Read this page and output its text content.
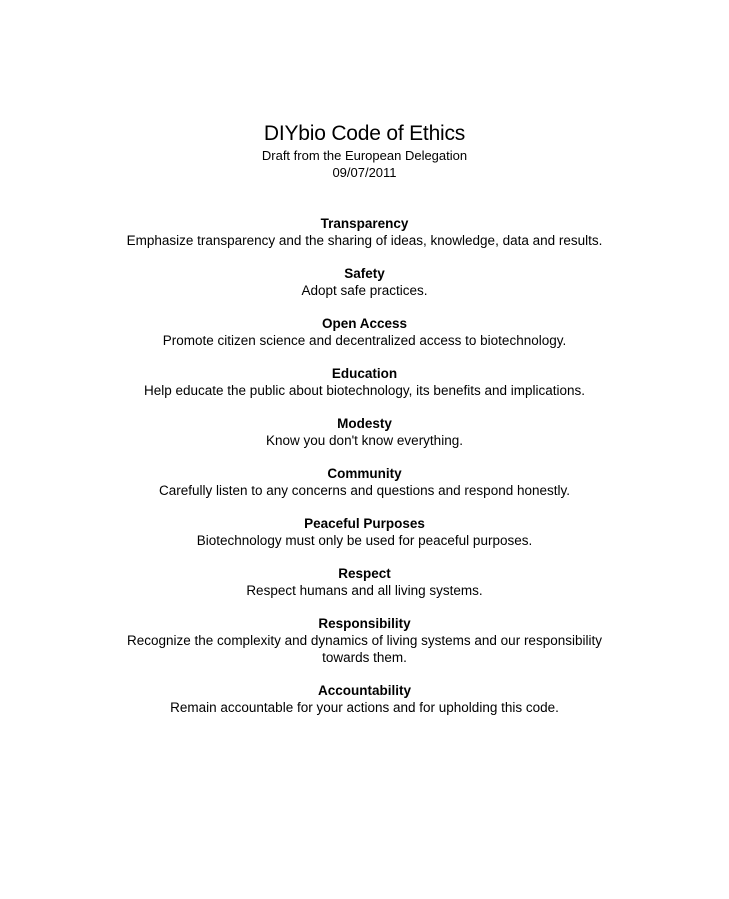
DIYbio Code of Ethics

Draft from the European Delegation

09/07/2011

Transparency

Emphasize transparency and the sharing of ideas, knowledge, data and results.

Safety

Adopt safe practices.

Open Access

Promote citizen science and decentralized access to biotechnology.

Education

Help educate the public about biotechnology, its benefits and implications.

Modesty

Know you don't know everything.

Community

Carefully listen to any concerns and questions and respond honestly.

Peaceful Purposes

Biotechnology must only be used for peaceful purposes.

Respect

Respect humans and all living systems.

Responsibility

Recognize the complexity and dynamics of living systems and our responsibility towards them.

Accountability

Remain accountable for your actions and for upholding this code.
